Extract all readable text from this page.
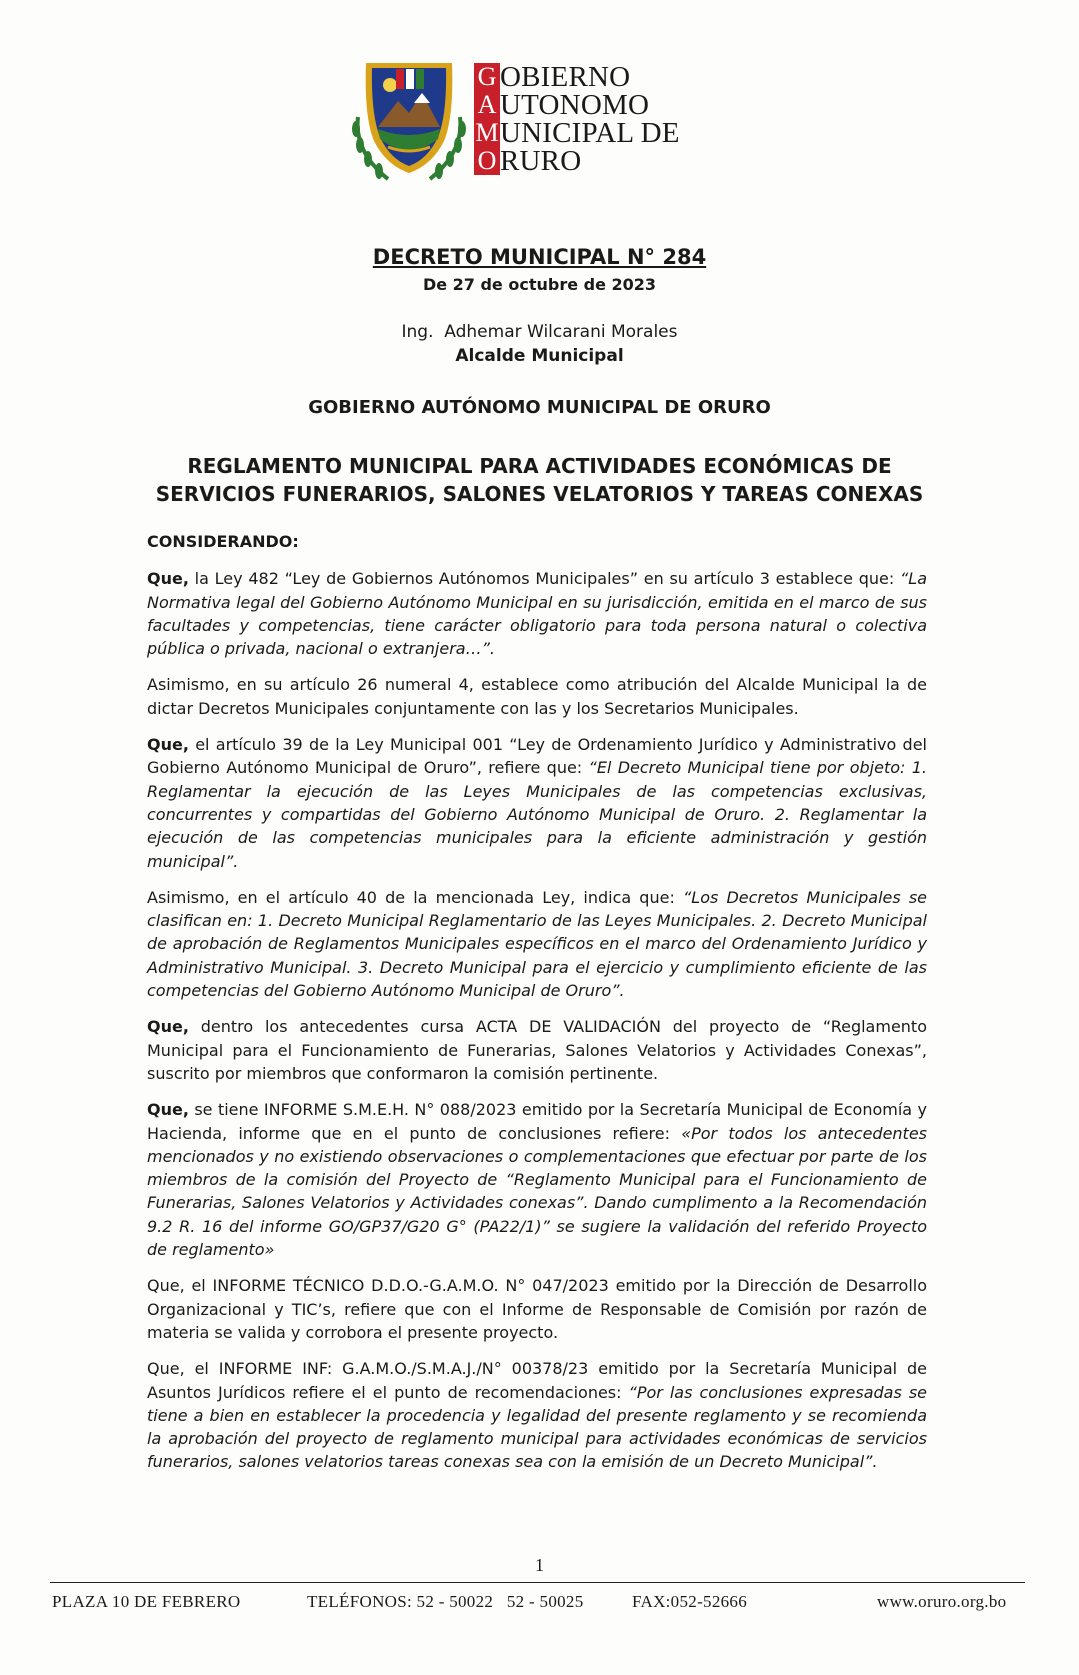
G
A
M
O
OBIERNO
UTONOMO
UNICIPAL DE
RURO
DECRETO MUNICIPAL N° 284
De 27 de octubre de 2023
Ing.  Adhemar Wilcarani Morales
Alcalde Municipal
GOBIERNO AUTÓNOMO MUNICIPAL DE ORURO
REGLAMENTO MUNICIPAL PARA ACTIVIDADES ECONÓMICAS DE
SERVICIOS FUNERARIOS, SALONES VELATORIOS Y TAREAS CONEXAS

CONSIDERANDO:

Que, la Ley 482 “Ley de Gobiernos Autónomos Municipales” en su artículo 3 establece que: “La Normativa legal del Gobierno Autónomo Municipal en su jurisdicción, emitida en el marco de sus facultades y competencias, tiene carácter obligatorio para toda persona natural o colectiva pública o privada, nacional o extranjera…”.

Asimismo, en su artículo 26 numeral 4, establece como atribución del Alcalde Municipal la de dictar Decretos Municipales conjuntamente con las y los Secretarios Municipales.

Que, el artículo 39 de la Ley Municipal 001 “Ley de Ordenamiento Jurídico y Administrativo del Gobierno Autónomo Municipal de Oruro”, refiere que: “El Decreto Municipal tiene por objeto: 1. Reglamentar la ejecución de las Leyes Municipales de las competencias exclusivas, concurrentes y compartidas del Gobierno Autónomo Municipal de Oruro. 2. Reglamentar la ejecución de las competencias municipales para la eficiente administración y gestión municipal”.

Asimismo, en el artículo 40 de la mencionada Ley, indica que: “Los Decretos Municipales se clasifican en: 1. Decreto Municipal Reglamentario de las Leyes Municipales. 2. Decreto Municipal de aprobación de Reglamentos Municipales específicos en el marco del Ordenamiento Jurídico y Administrativo Municipal. 3. Decreto Municipal para el ejercicio y cumplimiento eficiente de las competencias del Gobierno Autónomo Municipal de Oruro”.

Que, dentro los antecedentes cursa ACTA DE VALIDACIÓN del proyecto de “Reglamento Municipal para el Funcionamiento de Funerarias, Salones Velatorios y Actividades Conexas”, suscrito por miembros que conformaron la comisión pertinente.

Que, se tiene INFORME S.M.E.H. N° 088/2023 emitido por la Secretaría Municipal de Economía y Hacienda, informe que en el punto de conclusiones refiere: «Por todos los antecedentes mencionados y no existiendo observaciones o complementaciones que efectuar por parte de los miembros de la comisión del Proyecto de “Reglamento Municipal para el Funcionamiento de Funerarias, Salones Velatorios y Actividades conexas”. Dando cumplimento a la Recomendación 9.2 R. 16 del informe GO/GP37/G20 G° (PA22/1)” se sugiere la validación del referido Proyecto de reglamento»

Que, el INFORME TÉCNICO D.D.O.-G.A.M.O. N° 047/2023 emitido por la Dirección de Desarrollo Organizacional y TIC’s, refiere que con el Informe de Responsable de Comisión por razón de materia se valida y corrobora el presente proyecto.

Que, el INFORME INF: G.A.M.O./S.M.A.J./N° 00378/23 emitido por la Secretaría Municipal de Asuntos Jurídicos refiere el el punto de recomendaciones: “Por las conclusiones expresadas se tiene a bien en establecer la procedencia y legalidad del presente reglamento y se recomienda la aprobación del proyecto de reglamento municipal para actividades económicas de servicios funerarios, salones velatorios tareas conexas sea con la emisión de un Decreto Municipal”.

1
PLAZA 10 DE FEBRERO	TELÉFONOS: 52 - 50022   52 - 50025	FAX:052-52666	www.oruro.org.bo
